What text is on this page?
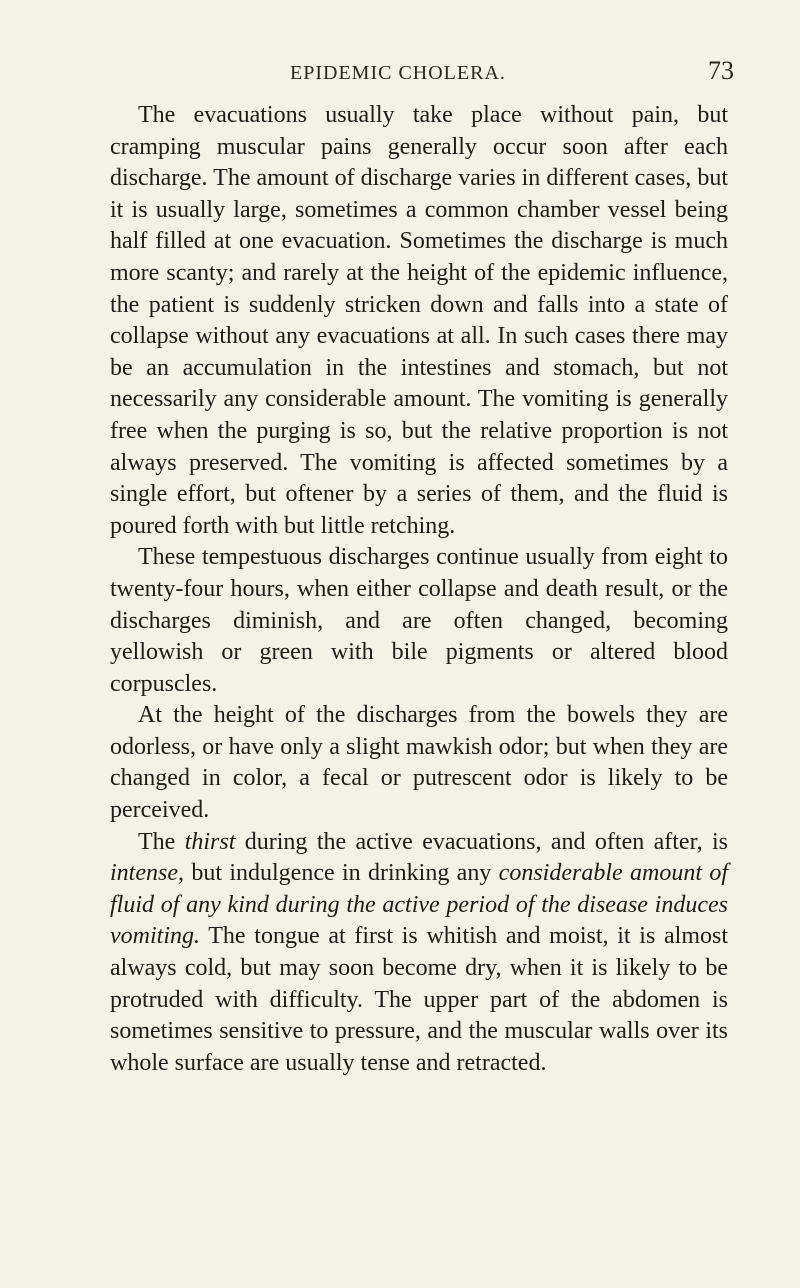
EPIDEMIC CHOLERA.	73

The evacuations usually take place without pain, but cramping muscular pains generally occur soon after each discharge. The amount of discharge varies in different cases, but it is usually large, sometimes a common chamber vessel being half filled at one evacuation. Sometimes the discharge is much more scanty; and rarely at the height of the epidemic influence, the patient is suddenly stricken down and falls into a state of collapse without any evacuations at all. In such cases there may be an accumulation in the intestines and stomach, but not necessarily any considerable amount. The vomiting is generally free when the purging is so, but the relative proportion is not always preserved. The vomiting is affected sometimes by a single effort, but oftener by a series of them, and the fluid is poured forth with but little retching.

These tempestuous discharges continue usually from eight to twenty-four hours, when either collapse and death result, or the discharges diminish, and are often changed, becoming yellowish or green with bile pigments or altered blood corpuscles.

At the height of the discharges from the bowels they are odorless, or have only a slight mawkish odor; but when they are changed in color, a fecal or putrescent odor is likely to be perceived.

The thirst during the active evacuations, and often after, is intense, but indulgence in drinking any considerable amount of fluid of any kind during the active period of the disease induces vomiting. The tongue at first is whitish and moist, it is almost always cold, but may soon become dry, when it is likely to be protruded with difficulty. The upper part of the abdomen is sometimes sensitive to pressure, and the muscular walls over its whole surface are usually tense and retracted.
